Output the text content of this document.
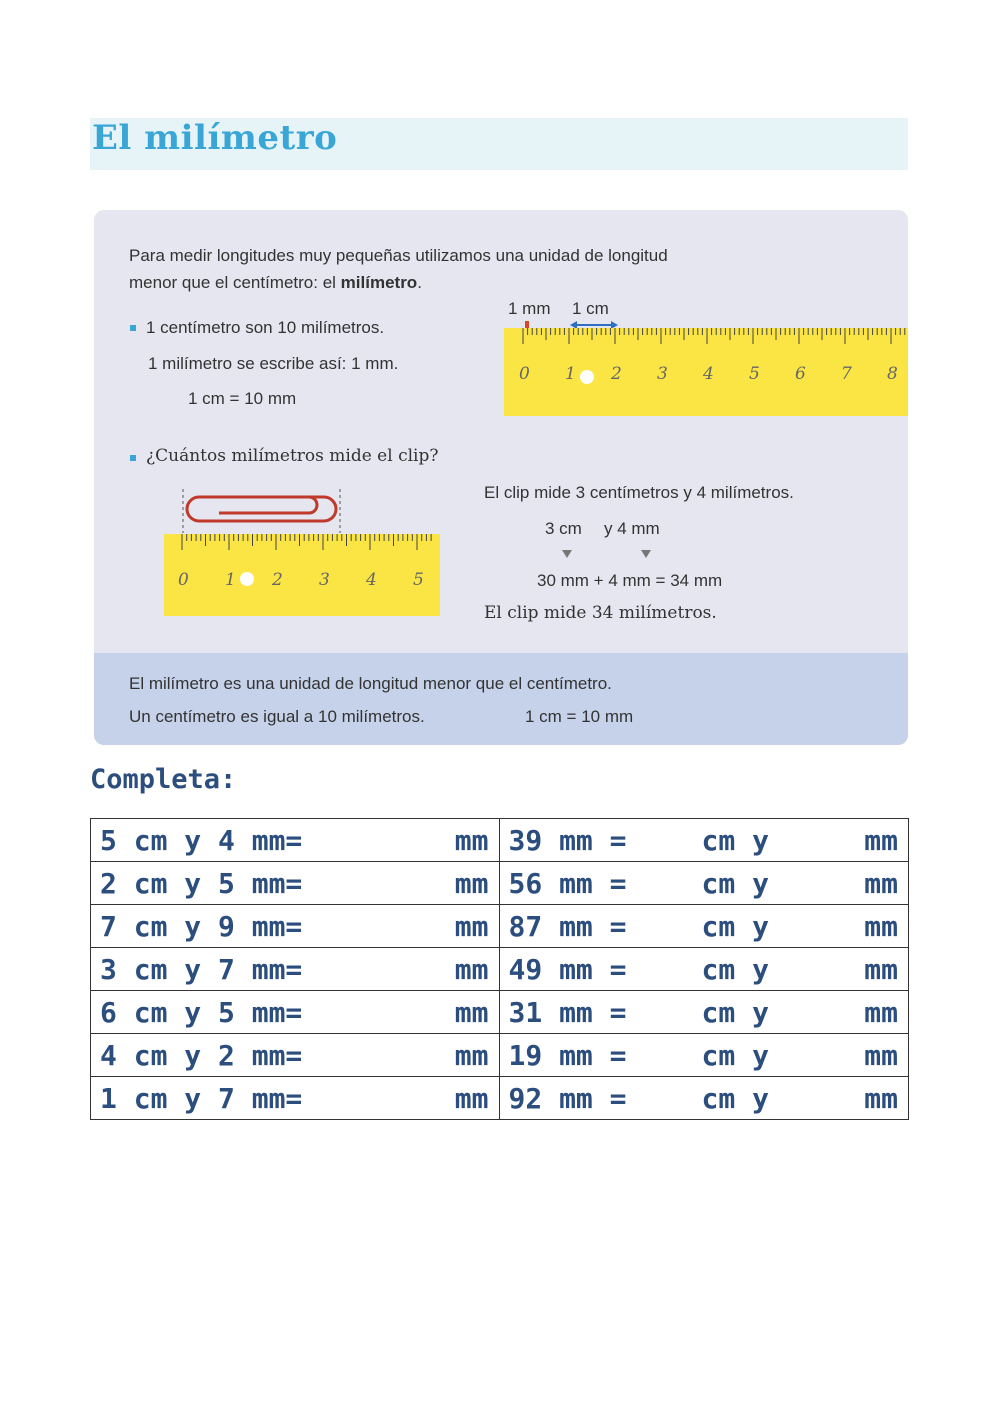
El milímetro
Para medir longitudes muy pequeñas utilizamos una unidad de longitud
menor que el centímetro: el milímetro.
1 centímetro son 10 milímetros.
1 milímetro se escribe así: 1 mm.
1 cm = 10 mm
1 mm 1 cm
0 1 2 3 4 5 6 7 8
¿Cuántos milímetros mide el clip?
0 1 2 3 4 5
El clip mide 3 centímetros y 4 milímetros.
3 cm y 4 mm
30 mm + 4 mm = 34 mm
El clip mide 34 milímetros.
El milímetro es una unidad de longitud menor que el centímetro.
Un centímetro es igual a 10 milímetros.	1 cm = 10 mm
Completa:
5 cm y 4 mm= mm	39 mm = cm y mm

2 cm y 5 mm= mm	56 mm = cm y mm

7 cm y 9 mm= mm	87 mm = cm y mm

3 cm y 7 mm= mm	49 mm = cm y mm

6 cm y 5 mm= mm	31 mm = cm y mm

4 cm y 2 mm= mm	19 mm = cm y mm

1 cm y 7 mm= mm	92 mm = cm y mm
